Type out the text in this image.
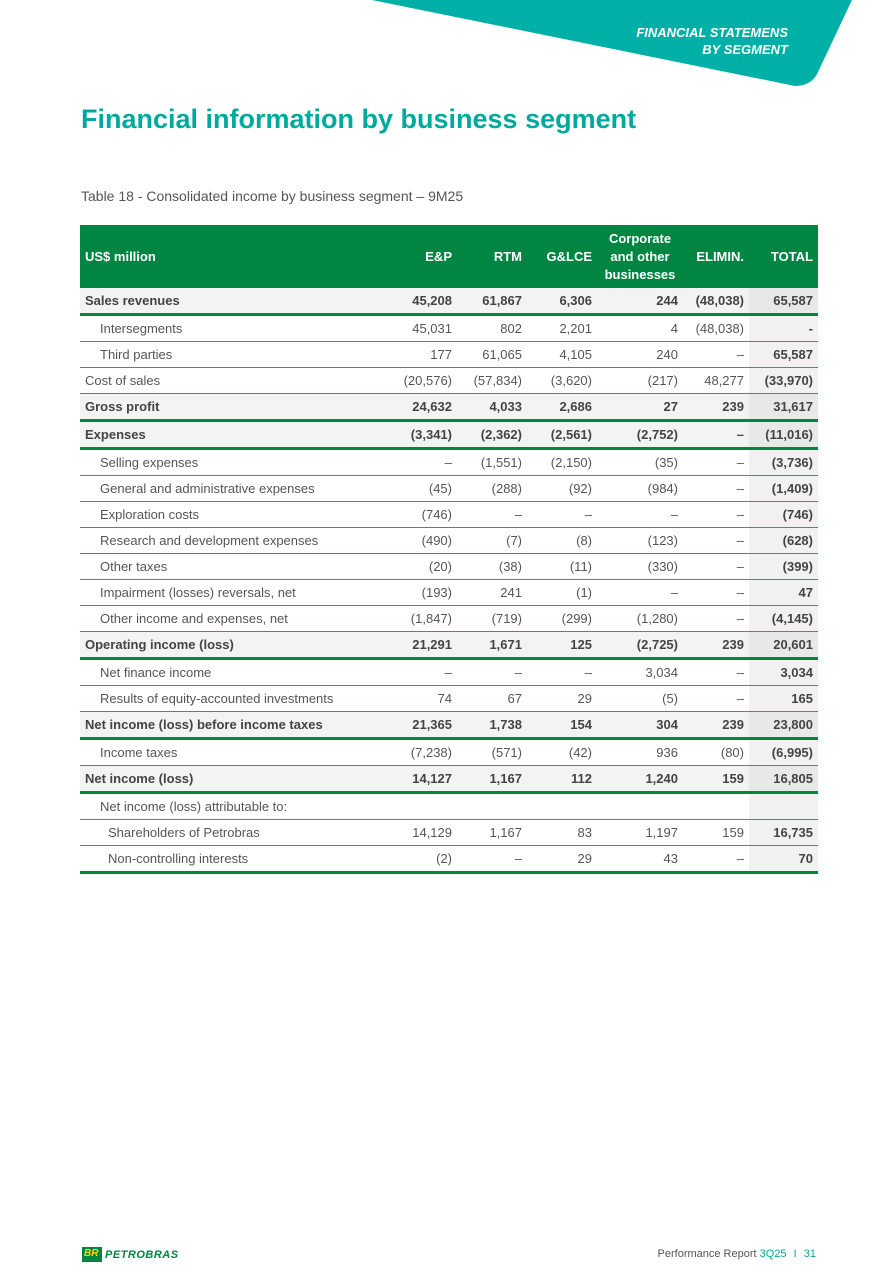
FINANCIAL STATEMENS
BY SEGMENT
Financial information by business segment
Table 18 - Consolidated income by business segment – 9M25
US$ million	E&P	RTM	G&LCE	Corporate
and other
businesses	ELIMIN.	TOTAL
Sales revenues	45,208	61,867	6,306	244	(48,038)	65,587
Intersegments	45,031	802	2,201	4	(48,038)	-
Third parties	177	61,065	4,105	240	–	65,587
Cost of sales	(20,576)	(57,834)	(3,620)	(217)	48,277	(33,970)
Gross profit	24,632	4,033	2,686	27	239	31,617
Expenses	(3,341)	(2,362)	(2,561)	(2,752)	–	(11,016)
Selling expenses	–	(1,551)	(2,150)	(35)	–	(3,736)
General and administrative expenses	(45)	(288)	(92)	(984)	–	(1,409)
Exploration costs	(746)	–	–	–	–	(746)
Research and development expenses	(490)	(7)	(8)	(123)	–	(628)
Other taxes	(20)	(38)	(11)	(330)	–	(399)
Impairment (losses) reversals, net	(193)	241	(1)	–	–	47
Other income and expenses, net	(1,847)	(719)	(299)	(1,280)	–	(4,145)
Operating income (loss)	21,291	1,671	125	(2,725)	239	20,601
Net finance income	–	–	–	3,034	–	3,034
Results of equity-accounted investments	74	67	29	(5)	–	165
Net income (loss) before income taxes	21,365	1,738	154	304	239	23,800
Income taxes	(7,238)	(571)	(42)	936	(80)	(6,995)
Net income (loss)	14,127	1,167	112	1,240	159	16,805
Net income (loss) attributable to:						
Shareholders of Petrobras	14,129	1,167	83	1,197	159	16,735
Non-controlling interests	(2)	–	29	43	–	70
BR PETROBRAS	Performance Report 3Q25 I 31
